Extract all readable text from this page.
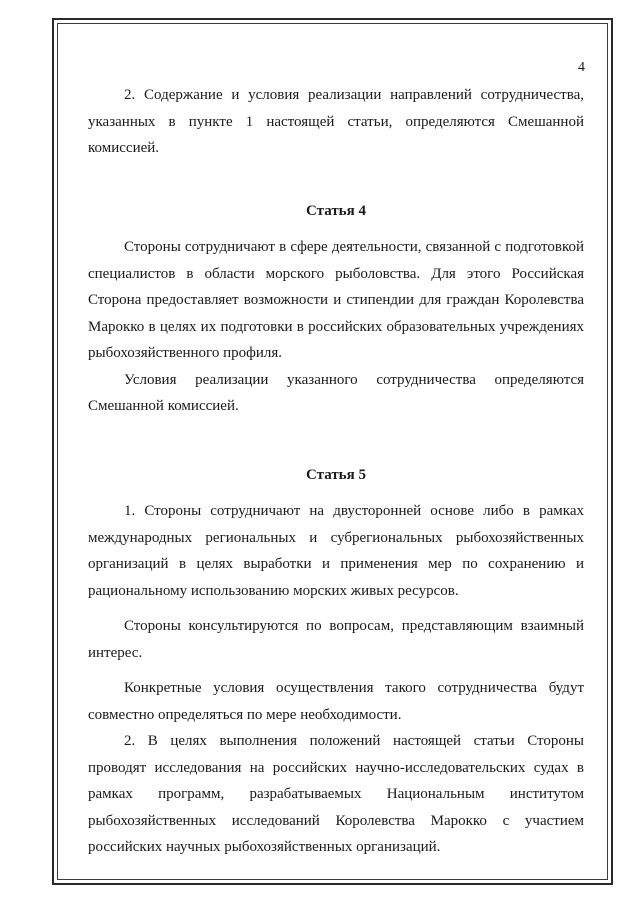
4

2. Содержание и условия реализации направлений сотрудничества, указанных в пункте 1 настоящей статьи, определяются Смешанной комиссией.

Статья 4

Стороны сотрудничают в сфере деятельности, связанной с подготовкой специалистов в области морского рыболовства. Для этого Российская Сторона предоставляет возможности и стипендии для граждан Королевства Марокко в целях их подготовки в российских образовательных учреждениях рыбохозяйственного профиля.

Условия реализации указанного сотрудничества определяются Смешанной комиссией.

Статья 5

1. Стороны сотрудничают на двусторонней основе либо в рамках международных региональных и субрегиональных рыбохозяйственных организаций в целях выработки и применения мер по сохранению и рациональному использованию морских живых ресурсов.

Стороны консультируются по вопросам, представляющим взаимный интерес.

Конкретные условия осуществления такого сотрудничества будут совместно определяться по мере необходимости.

2. В целях выполнения положений настоящей статьи Стороны проводят исследования на российских научно-исследовательских судах в рамках программ, разрабатываемых Национальным институтом рыбохозяйственных исследований Королевства Марокко с участием российских научных рыбохозяйственных организаций.
